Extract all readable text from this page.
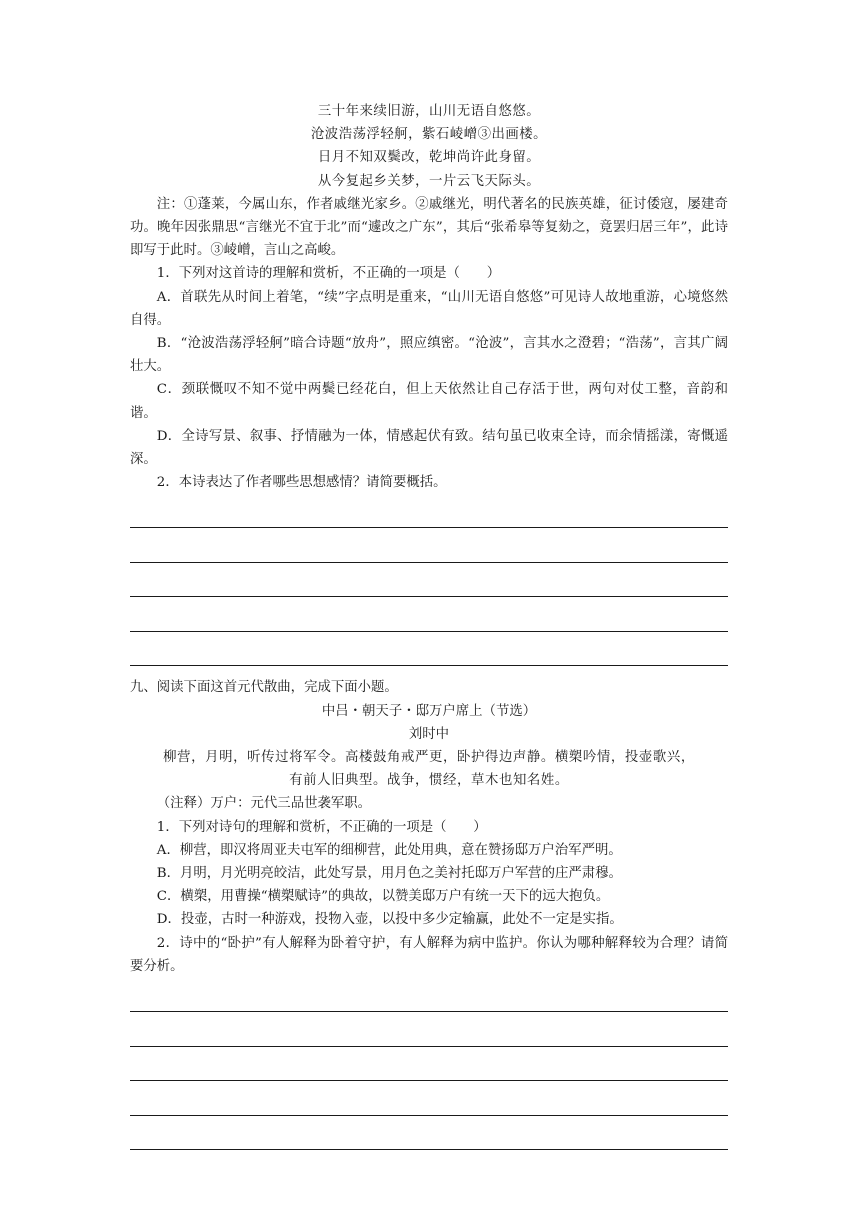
三十年来续旧游，山川无语自悠悠。
沧波浩荡浮轻舸，紫石崚嶒③出画楼。
日月不知双鬓改，乾坤尚许此身留。
从今复起乡关梦，一片云飞天际头。
注：①蓬莱，今属山东，作者戚继光家乡。②戚继光，明代著名的民族英雄，征讨倭寇，屡建奇功。晚年因张鼎思“言继光不宜于北”而“遽改之广东”，其后“张希皋等复劾之，竟罢归居三年”，此诗即写于此时。③崚嶒，言山之高峻。
1．下列对这首诗的理解和赏析，不正确的一项是（　　）
A．首联先从时间上着笔，“续”字点明是重来，“山川无语自悠悠”可见诗人故地重游，心境悠然自得。
B．“沧波浩荡浮轻舸”暗合诗题“放舟”，照应缜密。“沧波”，言其水之澄碧；“浩荡”，言其广阔壮大。
C．颈联慨叹不知不觉中两鬓已经花白，但上天依然让自己存活于世，两句对仗工整，音韵和谐。
D．全诗写景、叙事、抒情融为一体，情感起伏有致。结句虽已收束全诗，而余情摇漾，寄慨遥深。
2．本诗表达了作者哪些思想感情？请简要概括。
九、阅读下面这首元代散曲，完成下面小题。
中吕・朝天子・邸万户席上（节选）
刘时中
柳营，月明，听传过将军令。高楼鼓角戒严更，卧护得边声静。横槊吟情，投壶歌兴，
有前人旧典型。战争，惯经，草木也知名姓。
（注释）万户：元代三品世袭军职。
1．下列对诗句的理解和赏析，不正确的一项是（　　）
A．柳营，即汉将周亚夫屯军的细柳营，此处用典，意在赞扬邸万户治军严明。
B．月明，月光明亮皎洁，此处写景，用月色之美衬托邸万户军营的庄严肃穆。
C．横槊，用曹操“横槊赋诗”的典故，以赞美邸万户有统一天下的远大抱负。
D．投壶，古时一种游戏，投物入壶，以投中多少定输赢，此处不一定是实指。
2．诗中的“卧护”有人解释为卧着守护，有人解释为病中监护。你认为哪种解释较为合理？请简要分析。
